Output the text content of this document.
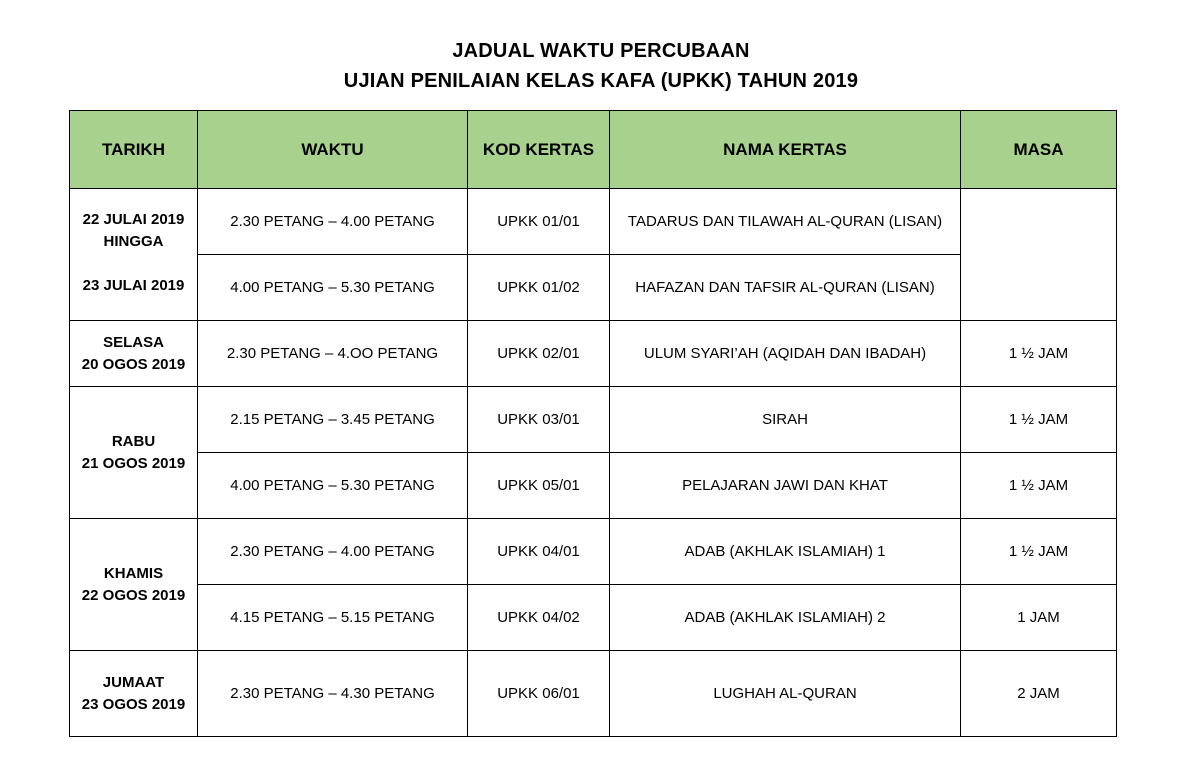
JADUAL WAKTU PERCUBAAN
UJIAN PENILAIAN KELAS KAFA (UPKK) TAHUN 2019
TARIKH	WAKTU	KOD KERTAS	NAMA KERTAS	MASA

22 JULAI 2019 HINGGA
23 JULAI 2019	2.30 PETANG – 4.00 PETANG	UPKK 01/01	TADARUS DAN TILAWAH AL-QURAN (LISAN)	
	4.00 PETANG – 5.30 PETANG	UPKK 01/02	HAFAZAN DAN TAFSIR AL-QURAN (LISAN)	
SELASA
20 OGOS 2019	2.30 PETANG – 4.OO PETANG	UPKK 02/01	ULUM SYARI’AH (AQIDAH DAN IBADAH)	1 ½ JAM
RABU
21 OGOS 2019	2.15 PETANG – 3.45 PETANG	UPKK 03/01	SIRAH	1 ½ JAM
	4.00 PETANG – 5.30 PETANG	UPKK 05/01	PELAJARAN JAWI DAN KHAT	1 ½ JAM
KHAMIS
22 OGOS 2019	2.30 PETANG – 4.00 PETANG	UPKK 04/01	ADAB (AKHLAK ISLAMIAH) 1	1 ½ JAM
	4.15 PETANG – 5.15 PETANG	UPKK 04/02	ADAB (AKHLAK ISLAMIAH) 2	1 JAM
JUMAAT
23 OGOS 2019	2.30 PETANG – 4.30 PETANG	UPKK 06/01	LUGHAH AL-QURAN	2 JAM
